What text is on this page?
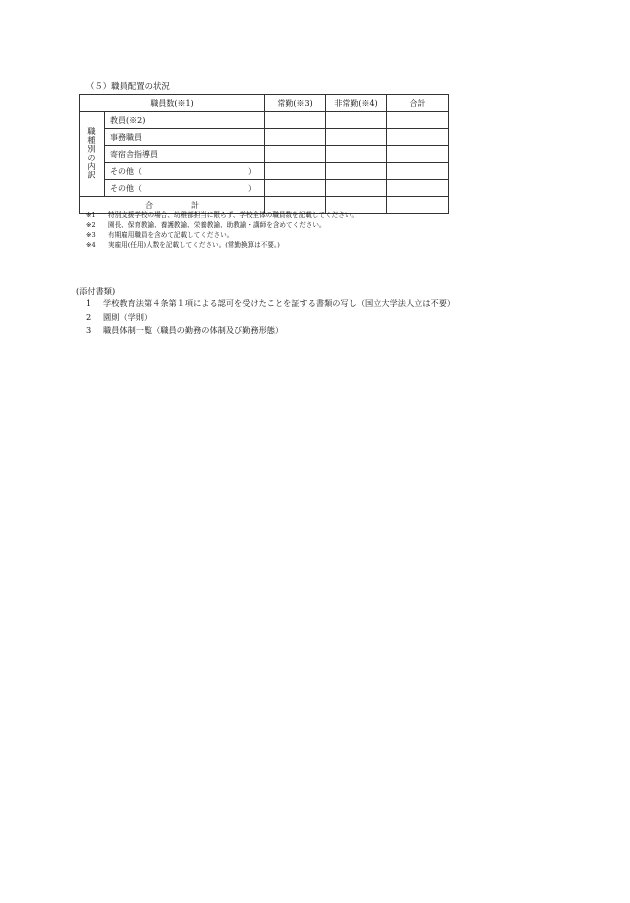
（５）職員配置の状況
職員数(※1)		常勤(※3)	非常勤(※4)	合計
職種別の内訳	教員(※2)			
	事務職員			
	寄宿舎指導員			

	その他（ ）			

	その他（ ）			

合 計				
※1	特別支援学校の場合、幼稚部担当に限らず、学校全体の職員数を記載してください。
※2	園長、保育教諭、養護教諭、栄養教諭、助教諭・講師を含めてください。
※3	有期雇用職員を含めて記載してください。
※4	実雇用(任用)人数を記載してください。(常勤換算は不要。)
(添付書類)
1	学校教育法第４条第１項による認可を受けたことを証する書類の写し（国立大学法人立は不要）
2	園則（学則）
3	職員体制一覧（職員の勤務の体制及び勤務形態）
